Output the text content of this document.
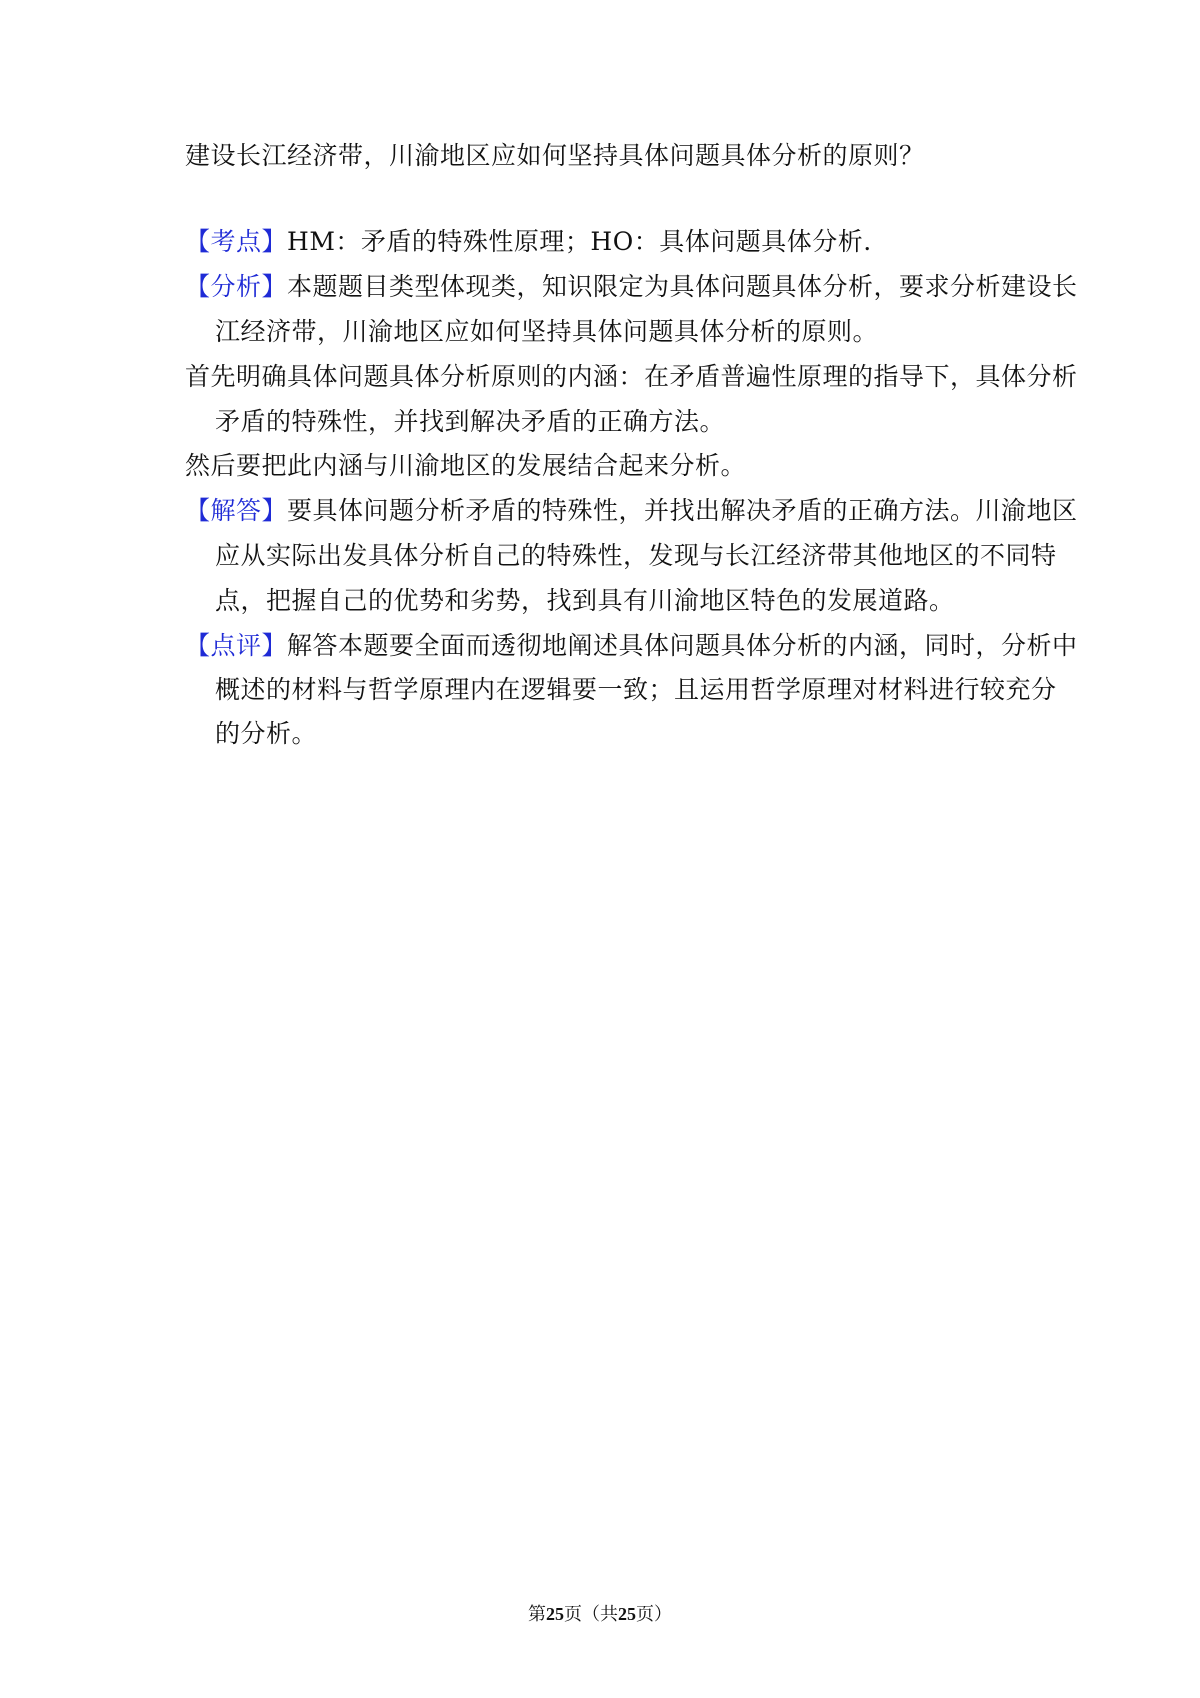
建设长江经济带，川渝地区应如何坚持具体问题具体分析的原则？
【考点】HM：矛盾的特殊性原理；HO：具体问题具体分析.
【分析】本题题目类型体现类，知识限定为具体问题具体分析，要求分析建设长
江经济带，川渝地区应如何坚持具体问题具体分析的原则。
首先明确具体问题具体分析原则的内涵：在矛盾普遍性原理的指导下，具体分析
矛盾的特殊性，并找到解决矛盾的正确方法。
然后要把此内涵与川渝地区的发展结合起来分析。
【解答】要具体问题分析矛盾的特殊性，并找出解决矛盾的正确方法。川渝地区
应从实际出发具体分析自己的特殊性，发现与长江经济带其他地区的不同特
点，把握自己的优势和劣势，找到具有川渝地区特色的发展道路。
【点评】解答本题要全面而透彻地阐述具体问题具体分析的内涵，同时，分析中
概述的材料与哲学原理内在逻辑要一致；且运用哲学原理对材料进行较充分
的分析。
第25页（共25页）
